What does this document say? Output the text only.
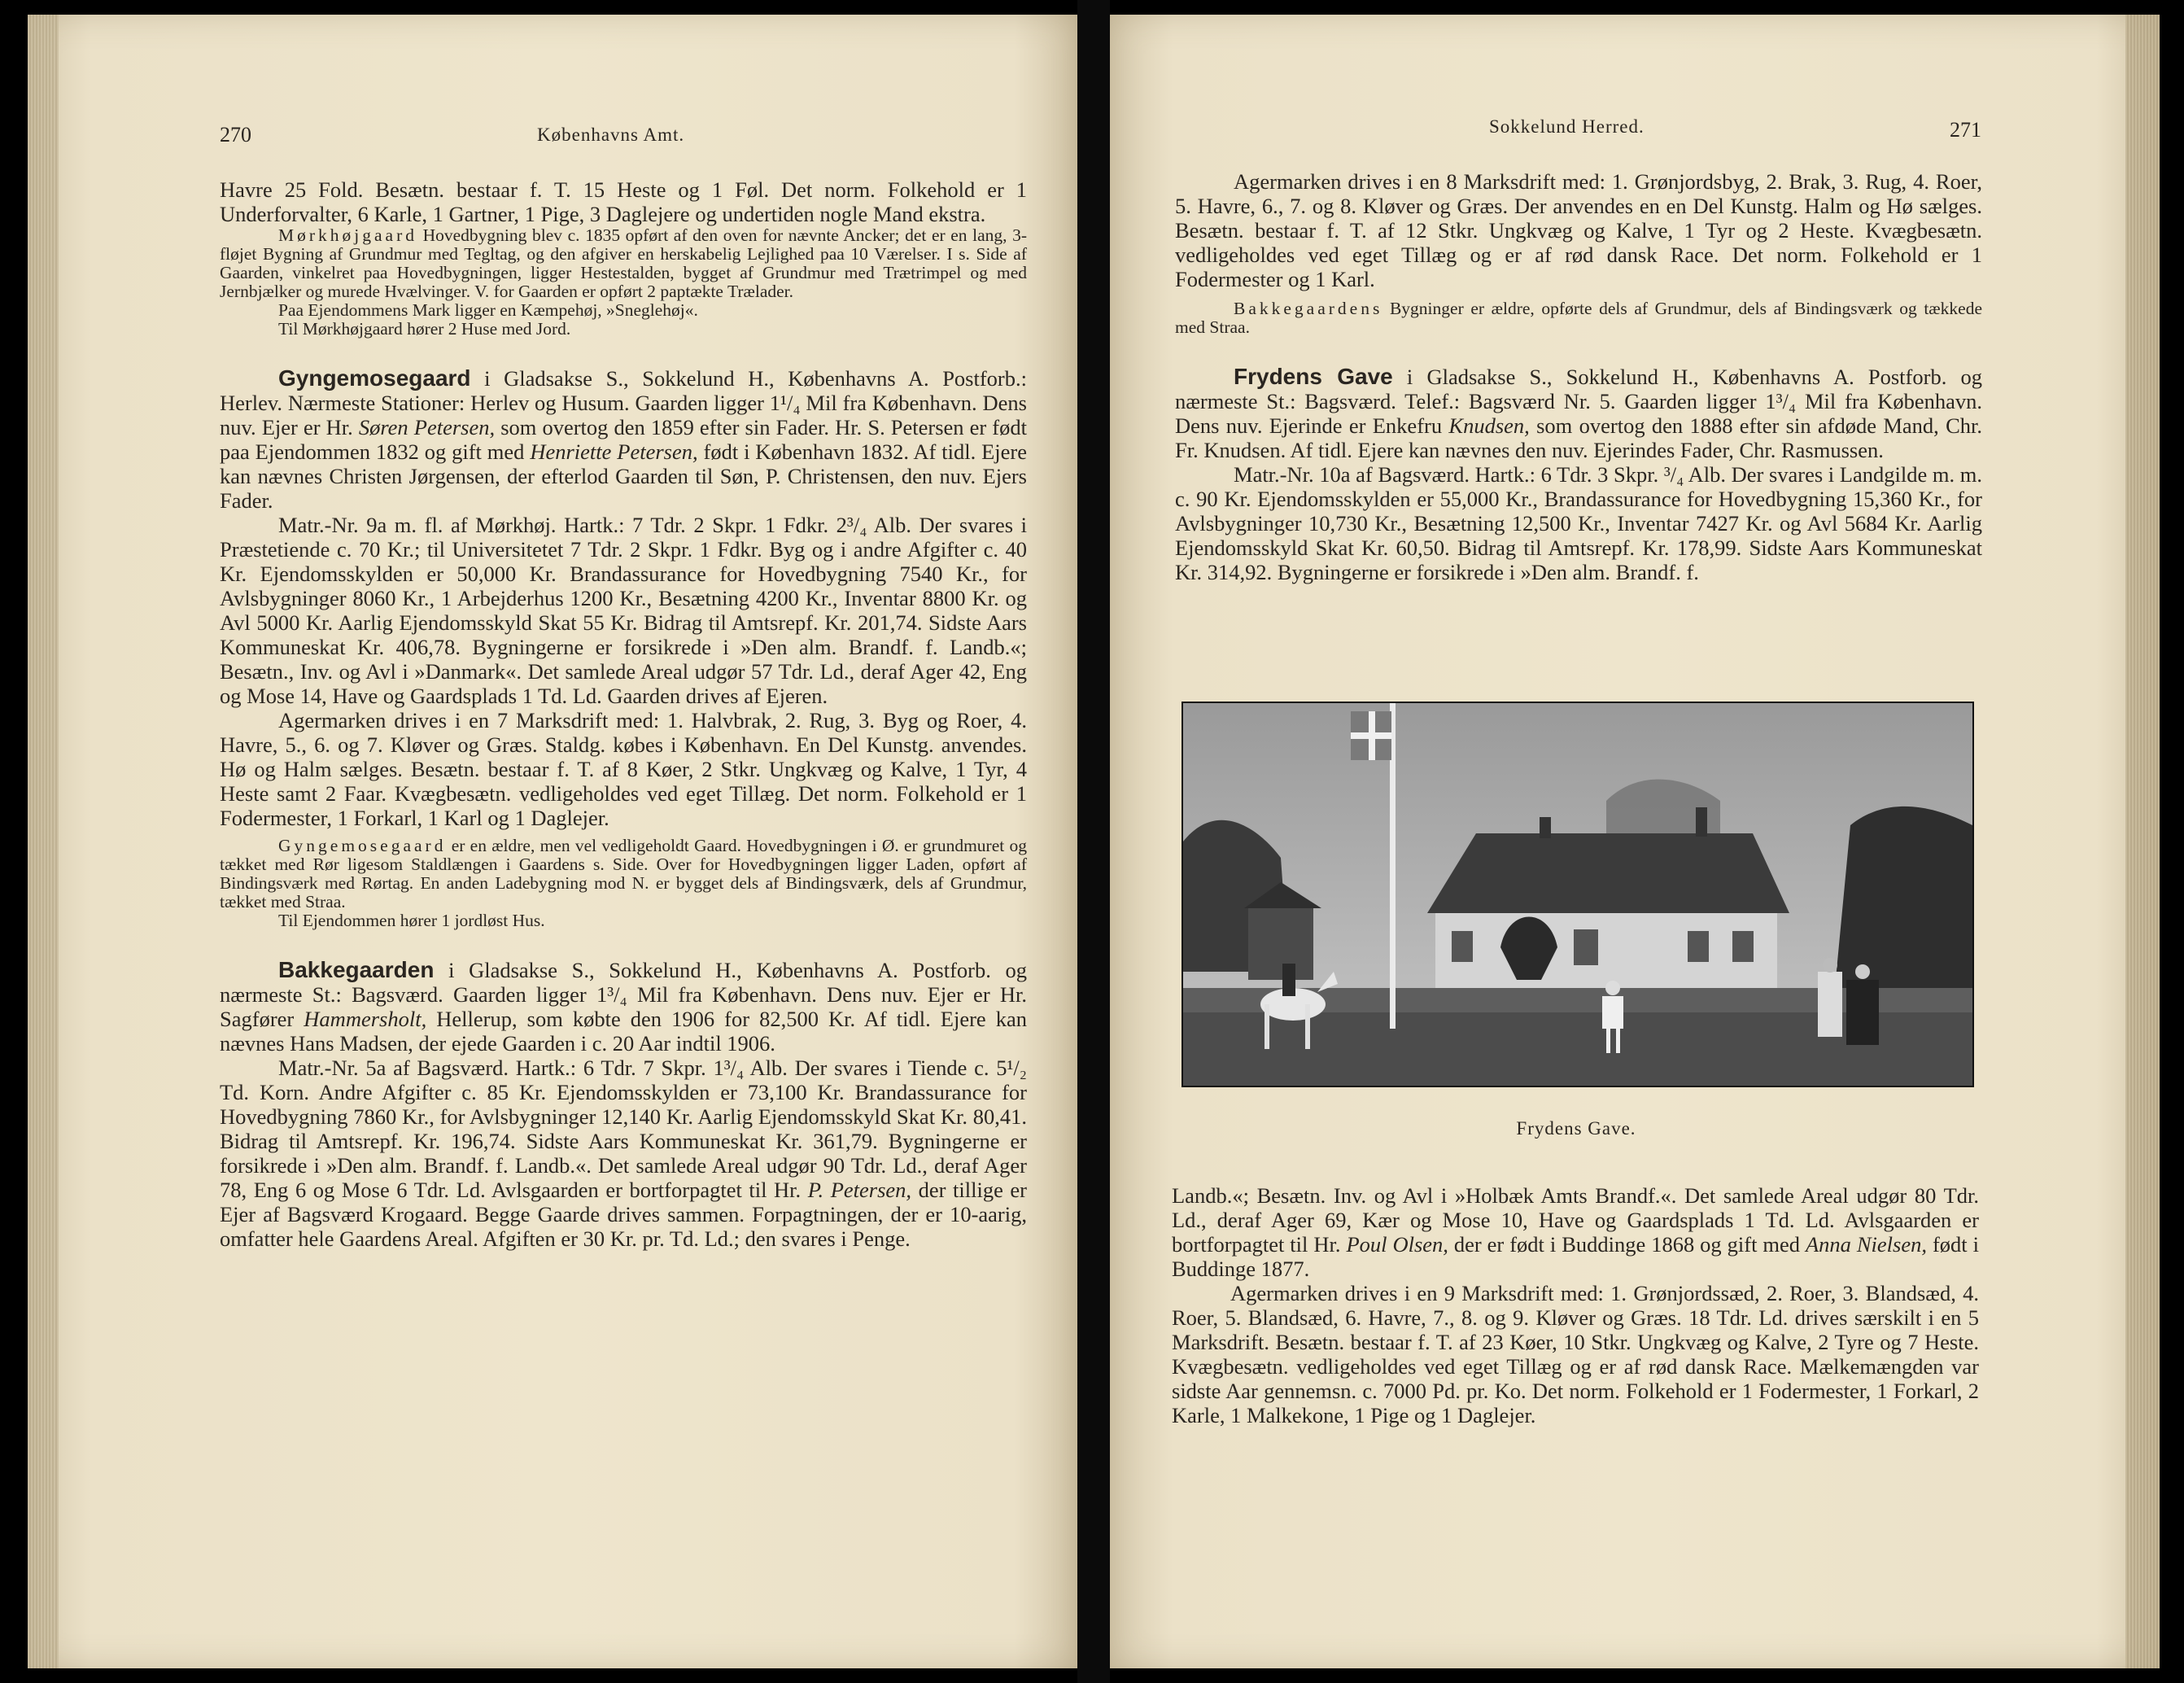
270	Københavns Amt.

Havre 25 Fold. Besætn. bestaar f. T. 15 Heste og 1 Føl. Det norm. Folkehold er 1 Underforvalter, 6 Karle, 1 Gartner, 1 Pige, 3 Daglejere og undertiden nogle Mand ekstra.

Mørkhøjgaard Hovedbygning blev c. 1835 opført af den oven for nævnte Ancker; det er en lang, 3-fløjet Bygning af Grundmur med Tegltag, og den afgiver en herskabelig Lejlighed paa 10 Værelser. I s. Side af Gaarden, vinkelret paa Hovedbygningen, ligger Hestestalden, bygget af Grundmur med Trætrimpel og med Jernbjælker og murede Hvælvinger. V. for Gaarden er opført 2 paptækte Trælader.

Paa Ejendommens Mark ligger en Kæmpehøj, »Sneglehøj«.

Til Mørkhøjgaard hører 2 Huse med Jord.

Gyngemosegaard i Gladsakse S., Sokkelund H., Københavns A. Postforb.: Herlev. Nærmeste Stationer: Herlev og Husum. Gaarden ligger 1¹/₄ Mil fra København. Dens nuv. Ejer er Hr. Søren Petersen, som overtog den 1859 efter sin Fader. Hr. S. Petersen er født paa Ejendommen 1832 og gift med Henriette Petersen, født i København 1832. Af tidl. Ejere kan nævnes Christen Jørgensen, der efterlod Gaarden til Søn, P. Christensen, den nuv. Ejers Fader.

Matr.-Nr. 9a m. fl. af Mørkhøj. Hartk.: 7 Tdr. 2 Skpr. 1 Fdkr. 2³/₄ Alb. Der svares i Præstetiende c. 70 Kr.; til Universitetet 7 Tdr. 2 Skpr. 1 Fdkr. Byg og i andre Afgifter c. 40 Kr. Ejendomsskylden er 50,000 Kr. Brandassurance for Hovedbygning 7540 Kr., for Avlsbygninger 8060 Kr., 1 Arbejderhus 1200 Kr., Besætning 4200 Kr., Inventar 8800 Kr. og Avl 5000 Kr. Aarlig Ejendomsskyld Skat 55 Kr. Bidrag til Amtsrepf. Kr. 201,74. Sidste Aars Kommuneskat Kr. 406,78. Bygningerne er forsikrede i »Den alm. Brandf. f. Landb.«; Besætn., Inv. og Avl i »Danmark«. Det samlede Areal udgør 57 Tdr. Ld., deraf Ager 42, Eng og Mose 14, Have og Gaardsplads 1 Td. Ld. Gaarden drives af Ejeren.

Agermarken drives i en 7 Marksdrift med: 1. Halvbrak, 2. Rug, 3. Byg og Roer, 4. Havre, 5., 6. og 7. Kløver og Græs. Staldg. købes i København. En Del Kunstg. anvendes. Hø og Halm sælges. Besætn. bestaar f. T. af 8 Køer, 2 Stkr. Ungkvæg og Kalve, 1 Tyr, 4 Heste samt 2 Faar. Kvægbesætn. vedligeholdes ved eget Tillæg. Det norm. Folkehold er 1 Fodermester, 1 Forkarl, 1 Karl og 1 Daglejer.

Gyngemosegaard er en ældre, men vel vedligeholdt Gaard. Hovedbygningen i Ø. er grundmuret og tækket med Rør ligesom Staldlængen i Gaardens s. Side. Over for Hovedbygningen ligger Laden, opført af Bindingsværk med Rørtag. En anden Ladebygning mod N. er bygget dels af Bindingsværk, dels af Grundmur, tækket med Straa.

Til Ejendommen hører 1 jordløst Hus.

Bakkegaarden i Gladsakse S., Sokkelund H., Københavns A. Postforb. og nærmeste St.: Bagsværd. Gaarden ligger 1³/₄ Mil fra København. Dens nuv. Ejer er Hr. Sagfører Hammersholt, Hellerup, som købte den 1906 for 82,500 Kr. Af tidl. Ejere kan nævnes Hans Madsen, der ejede Gaarden i c. 20 Aar indtil 1906.

Matr.-Nr. 5a af Bagsværd. Hartk.: 6 Tdr. 7 Skpr. 1³/₄ Alb. Der svares i Tiende c. 5¹/₂ Td. Korn. Andre Afgifter c. 85 Kr. Ejendomsskylden er 73,100 Kr. Brandassurance for Hovedbygning 7860 Kr., for Avlsbygninger 12,140 Kr. Aarlig Ejendomsskyld Skat Kr. 80,41. Bidrag til Amtsrepf. Kr. 196,74. Sidste Aars Kommuneskat Kr. 361,79. Bygningerne er forsikrede i »Den alm. Brandf. f. Landb.«. Det samlede Areal udgør 90 Tdr. Ld., deraf Ager 78, Eng 6 og Mose 6 Tdr. Ld. Avlsgaarden er bortforpagtet til Hr. P. Petersen, der tillige er Ejer af Bagsværd Krogaard. Begge Gaarde drives sammen. Forpagtningen, der er 10-aarig, omfatter hele Gaardens Areal. Afgiften er 30 Kr. pr. Td. Ld.; den svares i Penge.

Sokkelund Herred.	271

Agermarken drives i en 8 Marksdrift med: 1. Grønjordsbyg, 2. Brak, 3. Rug, 4. Roer, 5. Havre, 6., 7. og 8. Kløver og Græs. Der anvendes en en Del Kunstg. Halm og Hø sælges. Besætn. bestaar f. T. af 12 Stkr. Ungkvæg og Kalve, 1 Tyr og 2 Heste. Kvægbesætn. vedligeholdes ved eget Tillæg og er af rød dansk Race. Det norm. Folkehold er 1 Fodermester og 1 Karl.

Bakkegaardens Bygninger er ældre, opførte dels af Grundmur, dels af Bindingsværk og tækkede med Straa.

Frydens Gave i Gladsakse S., Sokkelund H., Københavns A. Postforb. og nærmeste St.: Bagsværd. Telef.: Bagsværd Nr. 5. Gaarden ligger 1³/₄ Mil fra København. Dens nuv. Ejerinde er Enkefru Knudsen, som overtog den 1888 efter sin afdøde Mand, Chr. Fr. Knudsen. Af tidl. Ejere kan nævnes den nuv. Ejerindes Fader, Chr. Rasmussen.

Matr.-Nr. 10a af Bagsværd. Hartk.: 6 Tdr. 3 Skpr. ³/₄ Alb. Der svares i Landgilde m. m. c. 90 Kr. Ejendomsskylden er 55,000 Kr., Brandassurance for Hovedbygning 15,360 Kr., for Avlsbygninger 10,730 Kr., Besætning 12,500 Kr., Inventar 7427 Kr. og Avl 5684 Kr. Aarlig Ejendomsskyld Skat Kr. 60,50. Bidrag til Amtsrepf. Kr. 178,99. Sidste Aars Kommuneskat Kr. 314,92. Bygningerne er forsikrede i »Den alm. Brandf. f.

Frydens Gave.

Landb.«; Besætn. Inv. og Avl i »Holbæk Amts Brandf.«. Det samlede Areal udgør 80 Tdr. Ld., deraf Ager 69, Kær og Mose 10, Have og Gaardsplads 1 Td. Ld. Avlsgaarden er bortforpagtet til Hr. Poul Olsen, der er født i Buddinge 1868 og gift med Anna Nielsen, født i Buddinge 1877.

Agermarken drives i en 9 Marksdrift med: 1. Grønjordssæd, 2. Roer, 3. Blandsæd, 4. Roer, 5. Blandsæd, 6. Havre, 7., 8. og 9. Kløver og Græs. 18 Tdr. Ld. drives særskilt i en 5 Marksdrift. Besætn. bestaar f. T. af 23 Køer, 10 Stkr. Ungkvæg og Kalve, 2 Tyre og 7 Heste. Kvægbesætn. vedligeholdes ved eget Tillæg og er af rød dansk Race. Mælkemængden var sidste Aar gennemsn. c. 7000 Pd. pr. Ko. Det norm. Folkehold er 1 Fodermester, 1 Forkarl, 2 Karle, 1 Malkekone, 1 Pige og 1 Daglejer.
